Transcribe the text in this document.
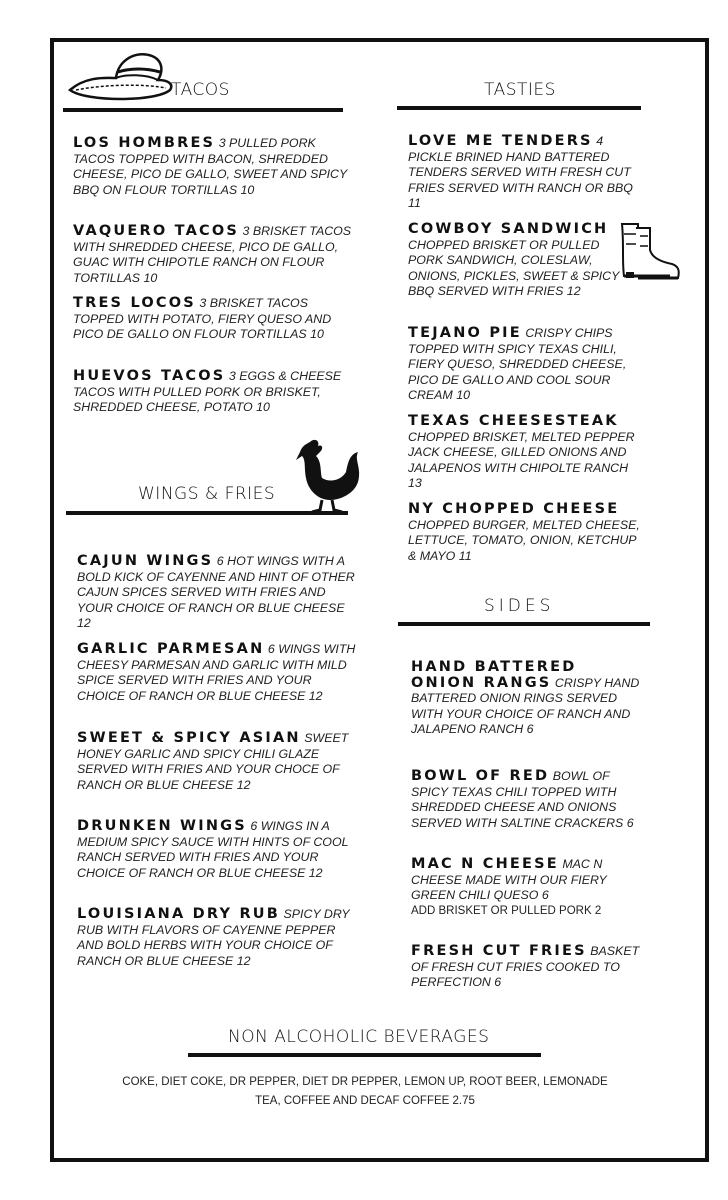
TACOS
LOS HOMBRES 3 PULLED PORK TACOS TOPPED WITH BACON, SHREDDED CHEESE, PICO DE GALLO, SWEET AND SPICY BBQ ON FLOUR TORTILLAS 10
VAQUERO TACOS 3 BRISKET TACOS WITH SHREDDED CHEESE, PICO DE GALLO, GUAC WITH CHIPOTLE RANCH ON FLOUR TORTILLAS 10
TRES LOCOS 3 BRISKET TACOS TOPPED WITH POTATO, FIERY QUESO AND PICO DE GALLO ON FLOUR TORTILLAS 10
HUEVOS TACOS 3 EGGS & CHEESE TACOS WITH PULLED PORK OR BRISKET, SHREDDED CHEESE, POTATO 10
WINGS & FRIES
CAJUN WINGS 6 HOT WINGS WITH A BOLD KICK OF CAYENNE AND HINT OF OTHER CAJUN SPICES SERVED WITH FRIES AND YOUR CHOICE OF RANCH OR BLUE CHEESE 12
GARLIC PARMESAN 6 WINGS WITH CHEESY PARMESAN AND GARLIC WITH MILD SPICE SERVED WITH FRIES AND YOUR CHOICE OF RANCH OR BLUE CHEESE 12
SWEET & SPICY ASIAN SWEET HONEY GARLIC AND SPICY CHILI GLAZE SERVED WITH FRIES AND YOUR CHOCE OF RANCH OR BLUE CHEESE 12
DRUNKEN WINGS 6 WINGS IN A MEDIUM SPICY SAUCE WITH HINTS OF COOL RANCH SERVED WITH FRIES AND YOUR CHOICE OF RANCH OR BLUE CHEESE 12
LOUISIANA DRY RUB SPICY DRY RUB WITH FLAVORS OF CAYENNE PEPPER AND BOLD HERBS WITH YOUR CHOICE OF RANCH OR BLUE CHEESE 12
TASTIES
LOVE ME TENDERS 4 PICKLE BRINED HAND BATTERED TENDERS SERVED WITH FRESH CUT FRIES SERVED WITH RANCH OR BBQ 11
COWBOY SANDWICH CHOPPED BRISKET OR PULLED PORK SANDWICH, COLESLAW, ONIONS, PICKLES, SWEET & SPICY BBQ SERVED WITH FRIES 12
TEJANO PIE CRISPY CHIPS TOPPED WITH SPICY TEXAS CHILI, FIERY QUESO, SHREDDED CHEESE, PICO DE GALLO AND COOL SOUR CREAM 10
TEXAS CHEESESTEAK CHOPPED BRISKET, MELTED PEPPER JACK CHEESE, GILLED ONIONS AND JALAPENOS WITH CHIPOLTE RANCH 13
NY CHOPPED CHEESE CHOPPED BURGER, MELTED CHEESE, LETTUCE, TOMATO, ONION, KETCHUP & MAYO 11
SIDES
HAND BATTERED ONION RANGS CRISPY HAND BATTERED ONION RINGS SERVED WITH YOUR CHOICE OF RANCH AND JALAPENO RANCH 6
BOWL OF RED BOWL OF SPICY TEXAS CHILI TOPPED WITH SHREDDED CHEESE AND ONIONS SERVED WITH SALTINE CRACKERS 6
MAC N CHEESE MAC N CHEESE MADE WITH OUR FIERY GREEN CHILI QUESO 6
ADD BRISKET OR PULLED PORK 2
FRESH CUT FRIES BASKET OF FRESH CUT FRIES COOKED TO PERFECTION 6
NON ALCOHOLIC BEVERAGES
COKE, DIET COKE, DR PEPPER, DIET DR PEPPER, LEMON UP, ROOT BEER, LEMONADE
TEA, COFFEE AND DECAF COFFEE 2.75
